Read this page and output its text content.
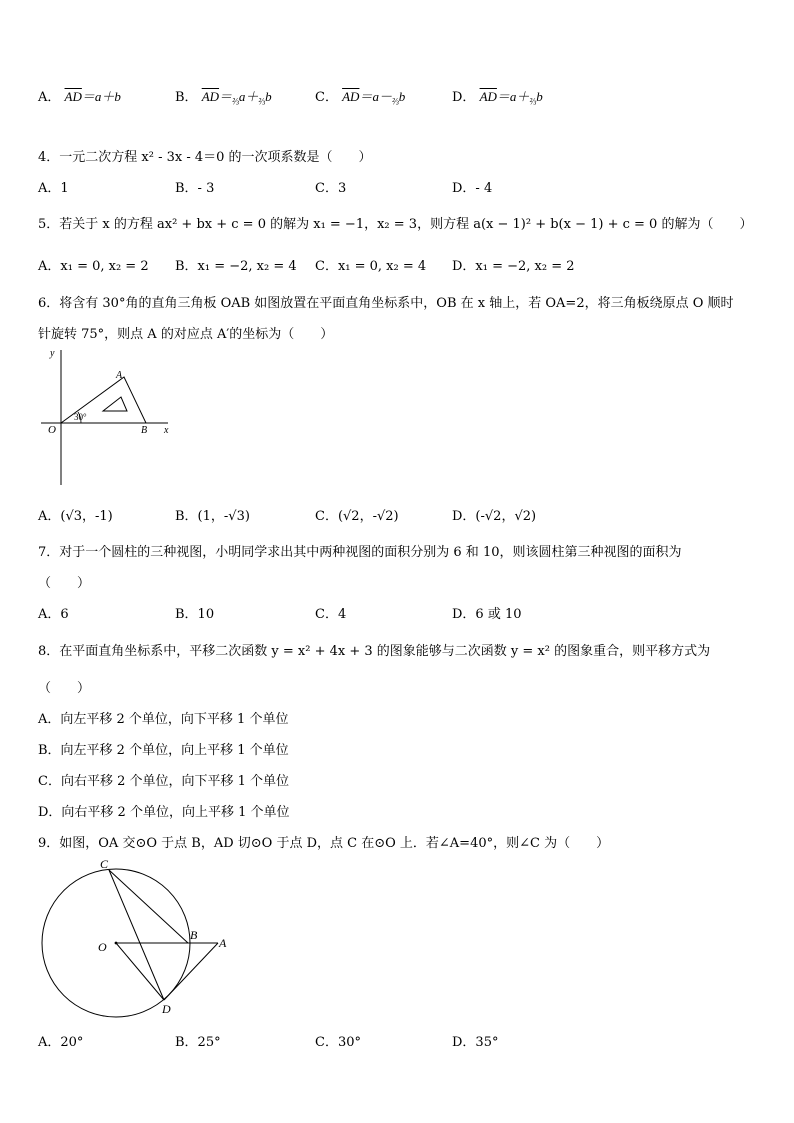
A． $\overline{AD}=a+b$	B． $\overline{AD}=_{\frac{2}{3}}a+_{\frac{2}{3}}b$	C． $\overline{AD}=a-_{\frac{2}{3}}b$	D． $\overline{AD}=a+_{\frac{2}{3}}b$
4．一元二次方程 x² - 3x - 4＝0 的一次项系数是（　　）
A．1	B．- 3	C．3	D．- 4
5．若关于 x 的方程 ax² + bx + c = 0 的解为 x₁ = −1，x₂ = 3，则方程 a(x − 1)² + b(x − 1) + c = 0 的解为（　　）
A．x₁ = 0, x₂ = 2 B．x₁ = −2, x₂ = 4 C．x₁ = 0, x₂ = 4 D．x₁ = −2, x₂ = 2
6．将含有 30°角的直角三角板 OAB 如图放置在平面直角坐标系中，OB 在 x 轴上，若 OA=2，将三角板绕原点 O 顺时
针旋转 75°，则点 A 的对应点 A′的坐标为（　　）
y
x
O
A
B
30°
A．(√3，-1)	B．(1，-√3)	C．(√2，-√2)	D．(-√2，√2)
7．对于一个圆柱的三种视图，小明同学求出其中两种视图的面积分别为 6 和 10，则该圆柱第三种视图的面积为
（　　）
A．6	B．10	C．4	D．6 或 10
8．在平面直角坐标系中，平移二次函数 y = x² + 4x + 3 的图象能够与二次函数 y = x² 的图象重合，则平移方式为
（　　）
A．向左平移 2 个单位，向下平移 1 个单位
B．向左平移 2 个单位，向上平移 1 个单位
C．向右平移 2 个单位，向下平移 1 个单位
D．向右平移 2 个单位，向上平移 1 个单位
9．如图，OA 交⊙O 于点 B，AD 切⊙O 于点 D，点 C 在⊙O 上．若∠A=40°，则∠C 为（　　）
C
O
B
A
D
A．20°	B．25°	C．30°	D．35°
